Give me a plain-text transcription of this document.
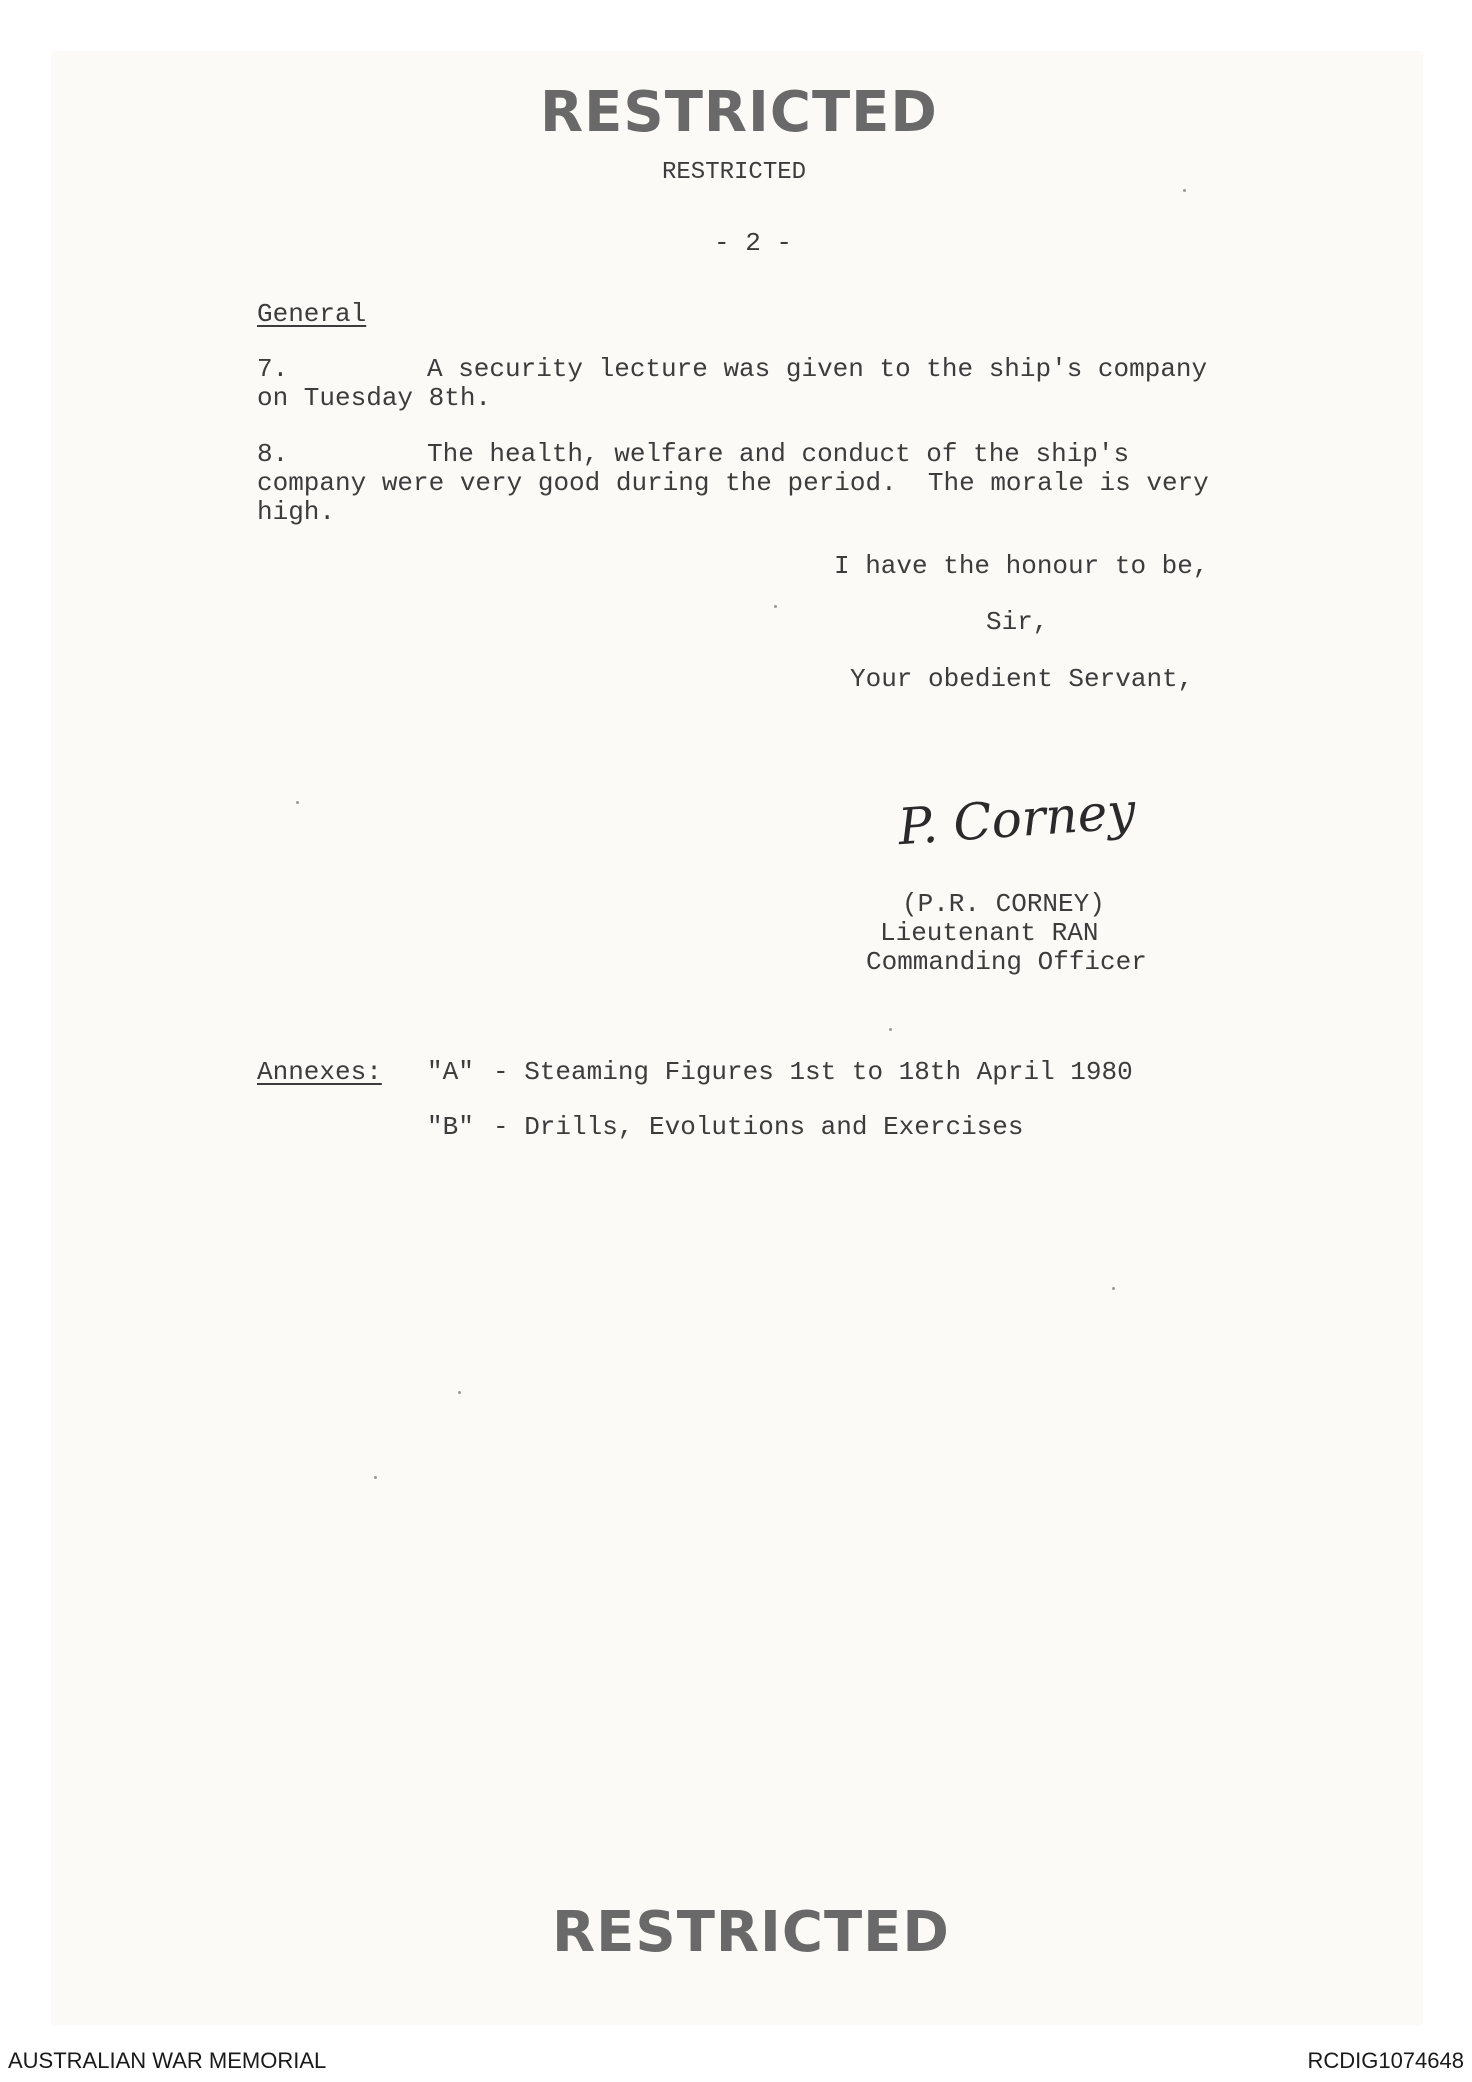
RESTRICTED
RESTRICTED
- 2 -
General
7.	A security lecture was given to the ship's company
on Tuesday 8th.
8.	The health, welfare and conduct of the ship's
company were very good during the period.  The morale is very
high.
I have the honour to be,
Sir,
Your obedient Servant,
P. Corney
(P.R. CORNEY)
Lieutenant RAN
Commanding Officer
Annexes: "A" - Steaming Figures 1st to 18th April 1980
"B" - Drills, Evolutions and Exercises
RESTRICTED
AUSTRALIAN WAR MEMORIAL	RCDIG1074648
